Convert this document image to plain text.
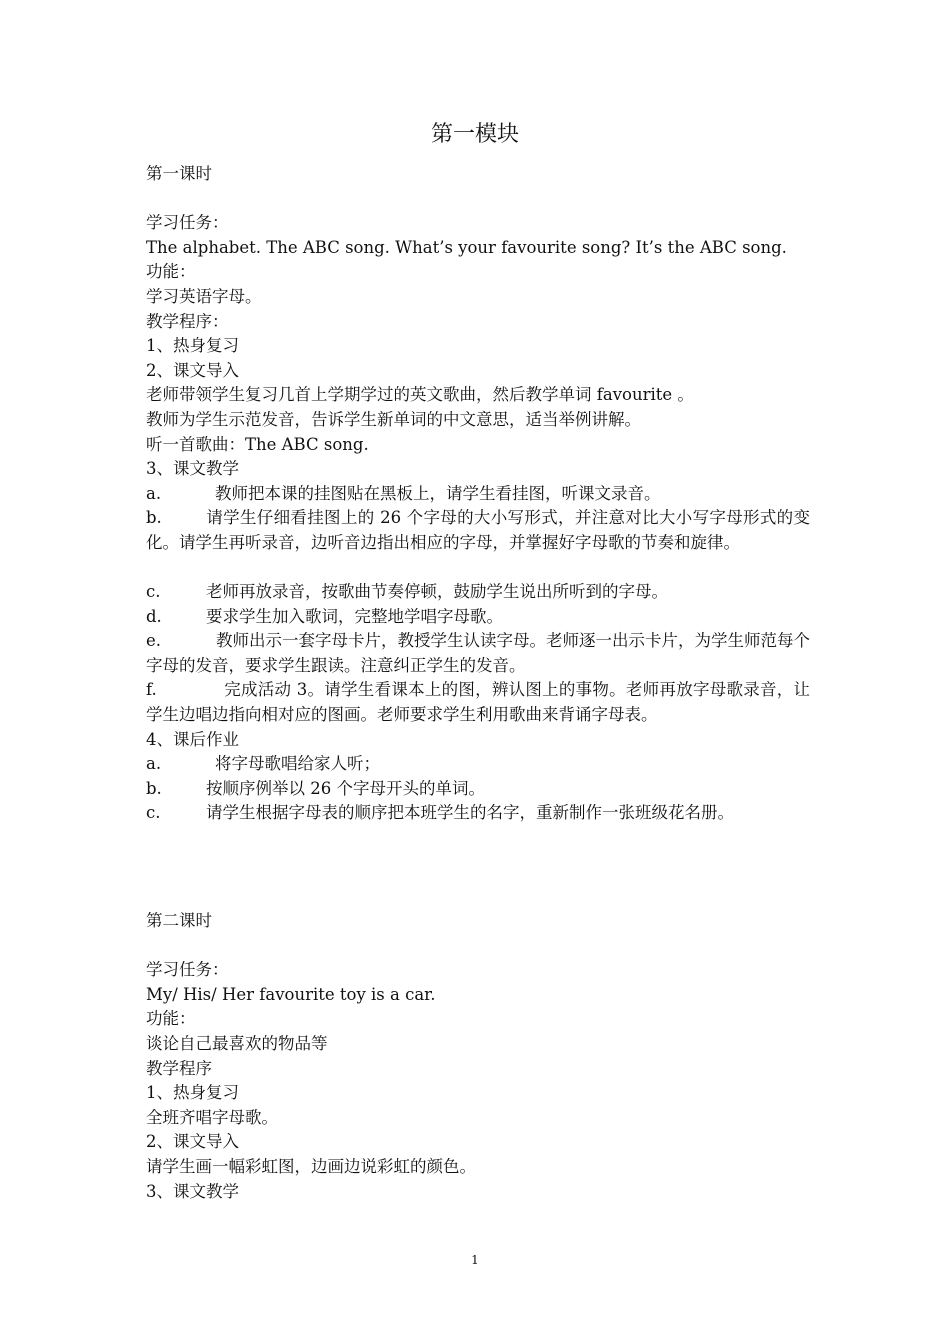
第一模块
第一课时
学习任务：
The alphabet. The ABC song. What’s your favourite song? It’s the ABC song.
功能：
学习英语字母。
教学程序：
1、热身复习
2、课文导入
老师带领学生复习几首上学期学过的英文歌曲，然后教学单词 favourite 。
教师为学生示范发音，告诉学生新单词的中文意思，适当举例讲解。
听一首歌曲：The ABC song.
3、课文教学
a.	教师把本课的挂图贴在黑板上，请学生看挂图，听课文录音。
b.	请学生仔细看挂图上的 26 个字母的大小写形式，并注意对比大小写字母形式的变化。请学生再听录音，边听音边指出相应的字母，并掌握好字母歌的节奏和旋律。
c.	老师再放录音，按歌曲节奏停顿，鼓励学生说出所听到的字母。
d.	要求学生加入歌词，完整地学唱字母歌。
e.	教师出示一套字母卡片，教授学生认读字母。老师逐一出示卡片，为学生师范每个字母的发音，要求学生跟读。注意纠正学生的发音。
f.	完成活动 3。请学生看课本上的图，辨认图上的事物。老师再放字母歌录音，让学生边唱边指向相对应的图画。老师要求学生利用歌曲来背诵字母表。
4、课后作业
a.	将字母歌唱给家人听；
b.	按顺序例举以 26 个字母开头的单词。
c.	请学生根据字母表的顺序把本班学生的名字，重新制作一张班级花名册。
第二课时
学习任务：
My/ His/ Her favourite toy is a car.
功能：
谈论自己最喜欢的物品等
教学程序
1、热身复习
全班齐唱字母歌。
2、课文导入
请学生画一幅彩虹图，边画边说彩虹的颜色。
3、课文教学
1
